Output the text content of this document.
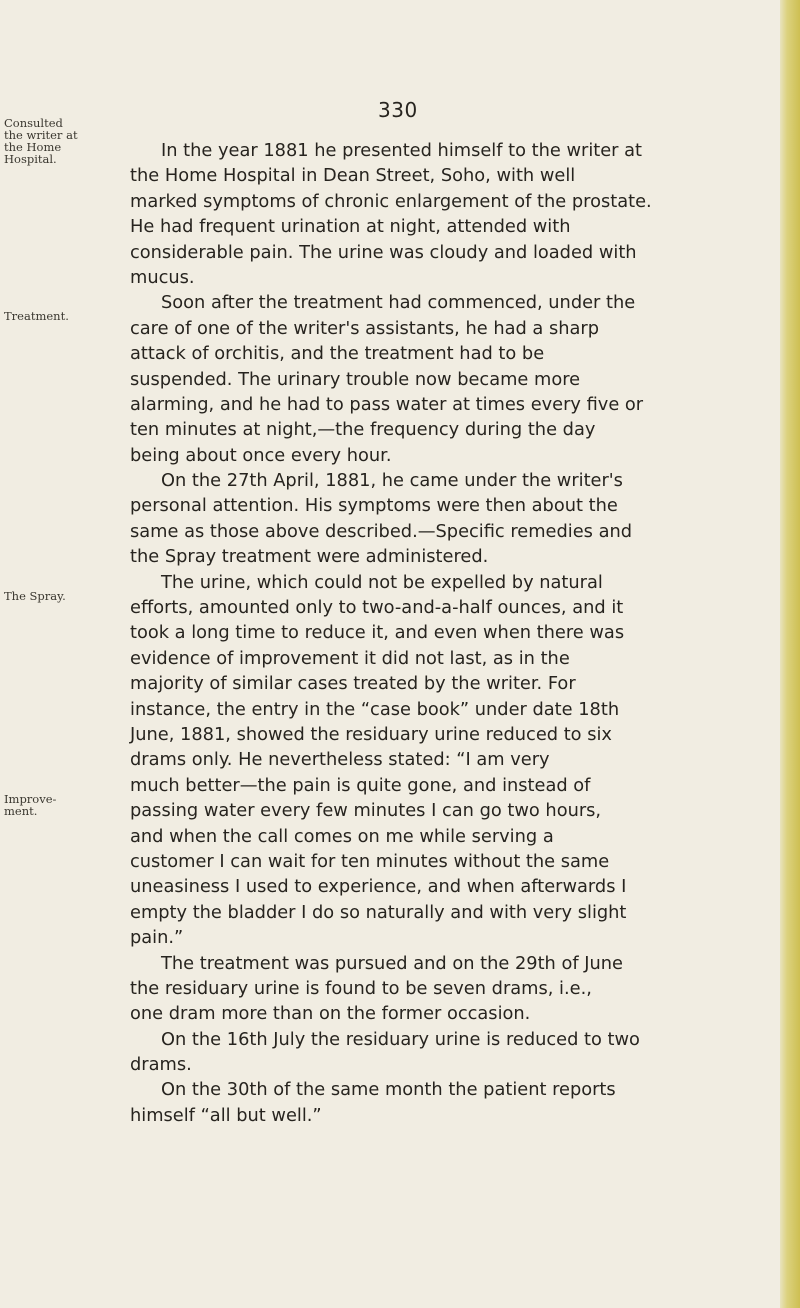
330
Consulted
the writer at
the Home
Hospital.
Treatment.
The Spray.
Improve-
ment.
In the year 1881 he presented himself to the writer at
the Home Hospital in Dean Street, Soho, with well
marked symptoms of chronic enlargement of the prostate.
He had frequent urination at night, attended with
considerable pain. The urine was cloudy and loaded with
mucus.
Soon after the treatment had commenced, under the
care of one of the writer's assistants, he had a sharp
attack of orchitis, and the treatment had to be
suspended. The urinary trouble now became more
alarming, and he had to pass water at times every five or
ten minutes at night,—the frequency during the day
being about once every hour.
On the 27th April, 1881, he came under the writer's
personal attention. His symptoms were then about the
same as those above described.—Specific remedies and
the Spray treatment were administered.
The urine, which could not be expelled by natural
efforts, amounted only to two-and-a-half ounces, and it
took a long time to reduce it, and even when there was
evidence of improvement it did not last, as in the
majority of similar cases treated by the writer. For
instance, the entry in the “case book” under date 18th
June, 1881, showed the residuary urine reduced to six
drams only. He nevertheless stated: “I am very
much better—the pain is quite gone, and instead of
passing water every few minutes I can go two hours,
and when the call comes on me while serving a
customer I can wait for ten minutes without the same
uneasiness I used to experience, and when afterwards I
empty the bladder I do so naturally and with very slight
pain.”
The treatment was pursued and on the 29th of June
the residuary urine is found to be seven drams, i.e.,
one dram more than on the former occasion.
On the 16th July the residuary urine is reduced to two
drams.
On the 30th of the same month the patient reports
himself “all but well.”
